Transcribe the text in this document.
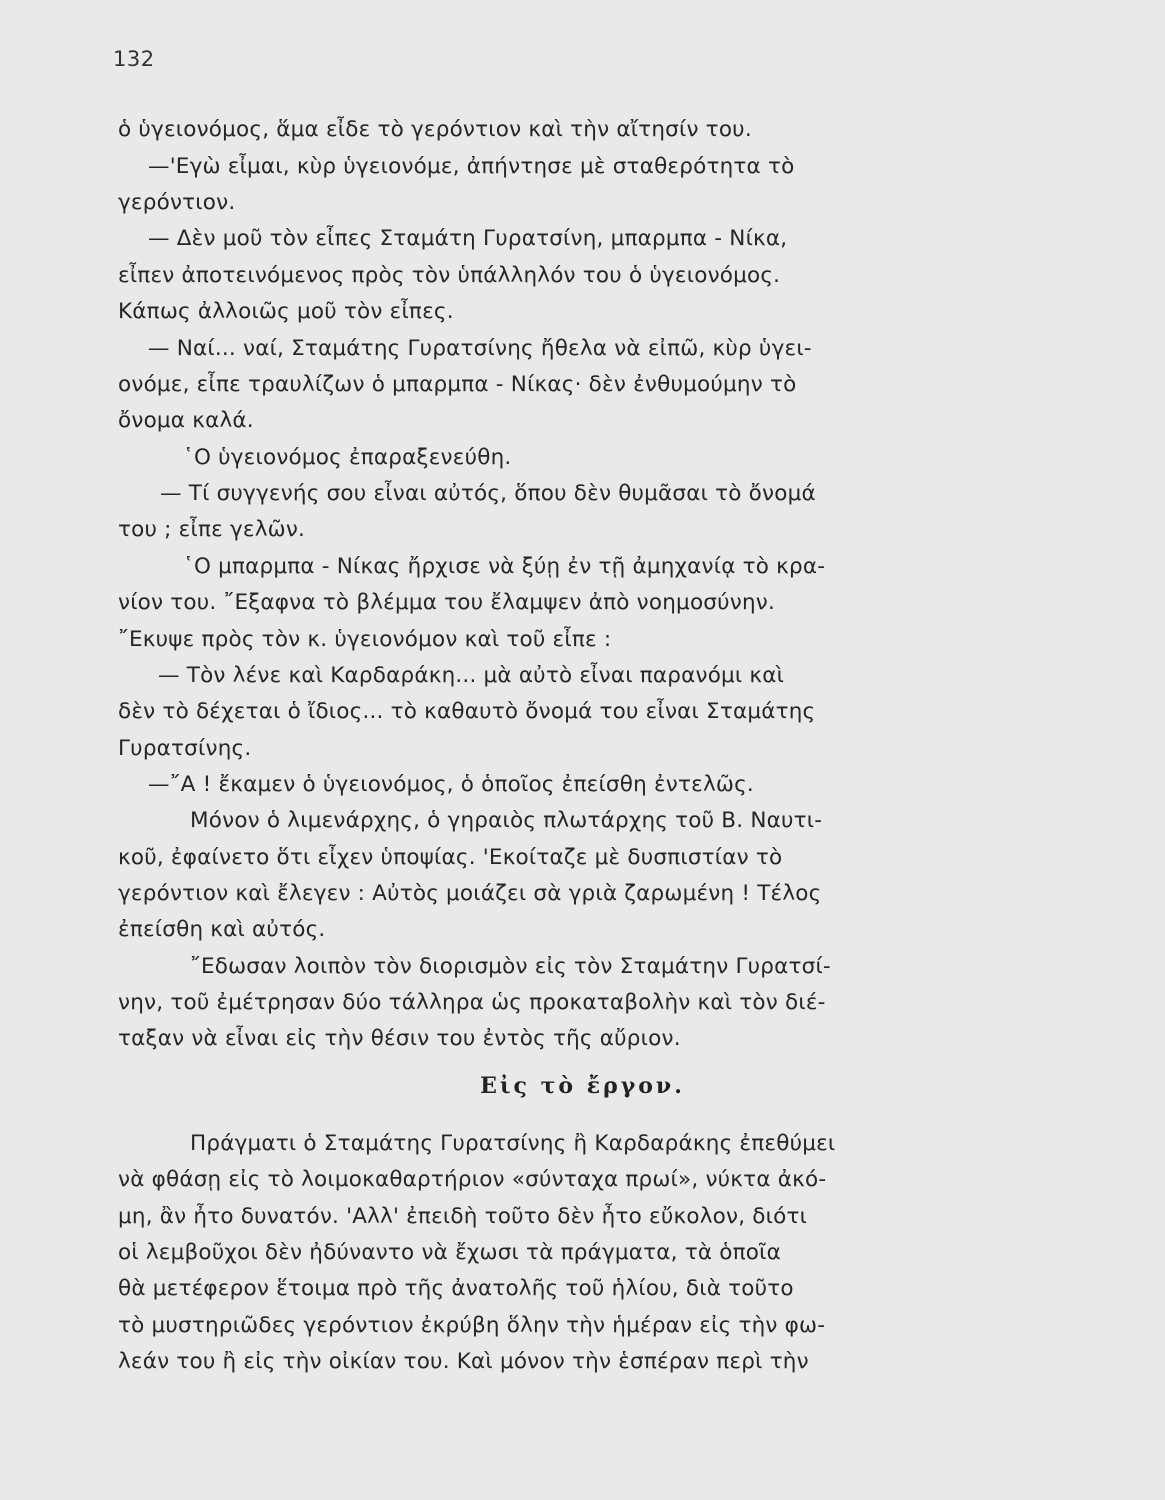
132
ὁ ὑγειονόμος, ἅμα εἶδε τὸ γερόντιον καὶ τὴν αἴτησίν του.
—'Εγὼ εἶμαι, κὺρ ὑγειονόμε, ἀπήντησε μὲ σταθερότητα τὸ
γερόντιον.
— Δὲν μοῦ τὸν εἶπες Σταμάτη Γυρατσίνη, μπαρμπα - Νίκα,
εἶπεν ἀποτεινόμενος πρὸς τὸν ὑπάλληλόν του ὁ ὑγειονόμος.
Κάπως ἀλλοιῶς μοῦ τὸν εἶπες.
— Ναί... ναί, Σταμάτης Γυρατσίνης ἤθελα νὰ εἰπῶ, κὺρ ὑγει-
ονόμε, εἶπε τραυλίζων ὁ μπαρμπα - Νίκας· δὲν ἐνθυμούμην τὸ
ὄνομα καλά.
῾Ο ὑγειονόμος ἐπαραξενεύθη.
— Τί συγγενής σου εἶναι αὐτός, ὅπου δὲν θυμᾶσαι τὸ ὄνομά
του ; εἶπε γελῶν.
῾Ο μπαρμπα - Νίκας ἤρχισε νὰ ξύῃ ἐν τῇ ἀμηχανίᾳ τὸ κρα-
νίον του. ῎Εξαφνα τὸ βλέμμα του ἔλαμψεν ἀπὸ νοημοσύνην.
῎Εκυψε πρὸς τὸν κ. ὑγειονόμον καὶ τοῦ εἶπε :
— Τὸν λένε καὶ Καρδαράκη... μὰ αὐτὸ εἶναι παρανόμι καὶ
δὲν τὸ δέχεται ὁ ἴδιος... τὸ καθαυτὸ ὄνομά του εἶναι Σταμάτης
Γυρατσίνης.
—῎Α ! ἔκαμεν ὁ ὑγειονόμος, ὁ ὁποῖος ἐπείσθη ἐντελῶς.
Μόνον ὁ λιμενάρχης, ὁ γηραιὸς πλωτάρχης τοῦ Β. Ναυτι-
κοῦ, ἐφαίνετο ὅτι εἶχεν ὑποψίας. 'Εκοίταζε μὲ δυσπιστίαν τὸ
γερόντιον καὶ ἔλεγεν : Αὐτὸς μοιάζει σὰ γριὰ ζαρωμένη ! Τέλος
ἐπείσθη καὶ αὐτός.
῎Εδωσαν λοιπὸν τὸν διορισμὸν εἰς τὸν Σταμάτην Γυρατσί-
νην, τοῦ ἐμέτρησαν δύο τάλληρα ὡς προκαταβολὴν καὶ τὸν διέ-
ταξαν νὰ εἶναι εἰς τὴν θέσιν του ἐντὸς τῆς αὔριον.
Εἰς τὸ ἔργον.
Πράγματι ὁ Σταμάτης Γυρατσίνης ἢ Καρδαράκης ἐπεθύμει
νὰ φθάσῃ εἰς τὸ λοιμοκαθαρτήριον «σύνταχα πρωί», νύκτα ἀκό-
μη, ἂν ἦτο δυνατόν. 'Αλλ' ἐπειδὴ τοῦτο δὲν ἦτο εὔκολον, διότι
οἱ λεμβοῦχοι δὲν ἠδύναντο νὰ ἔχωσι τὰ πράγματα, τὰ ὁποῖα
θὰ μετέφερον ἕτοιμα πρὸ τῆς ἀνατολῆς τοῦ ἡλίου, διὰ τοῦτο
τὸ μυστηριῶδες γερόντιον ἐκρύβη ὅλην τὴν ἡμέραν εἰς τὴν φω-
λεάν του ἢ εἰς τὴν οἰκίαν του. Καὶ μόνον τὴν ἑσπέραν περὶ τὴν
